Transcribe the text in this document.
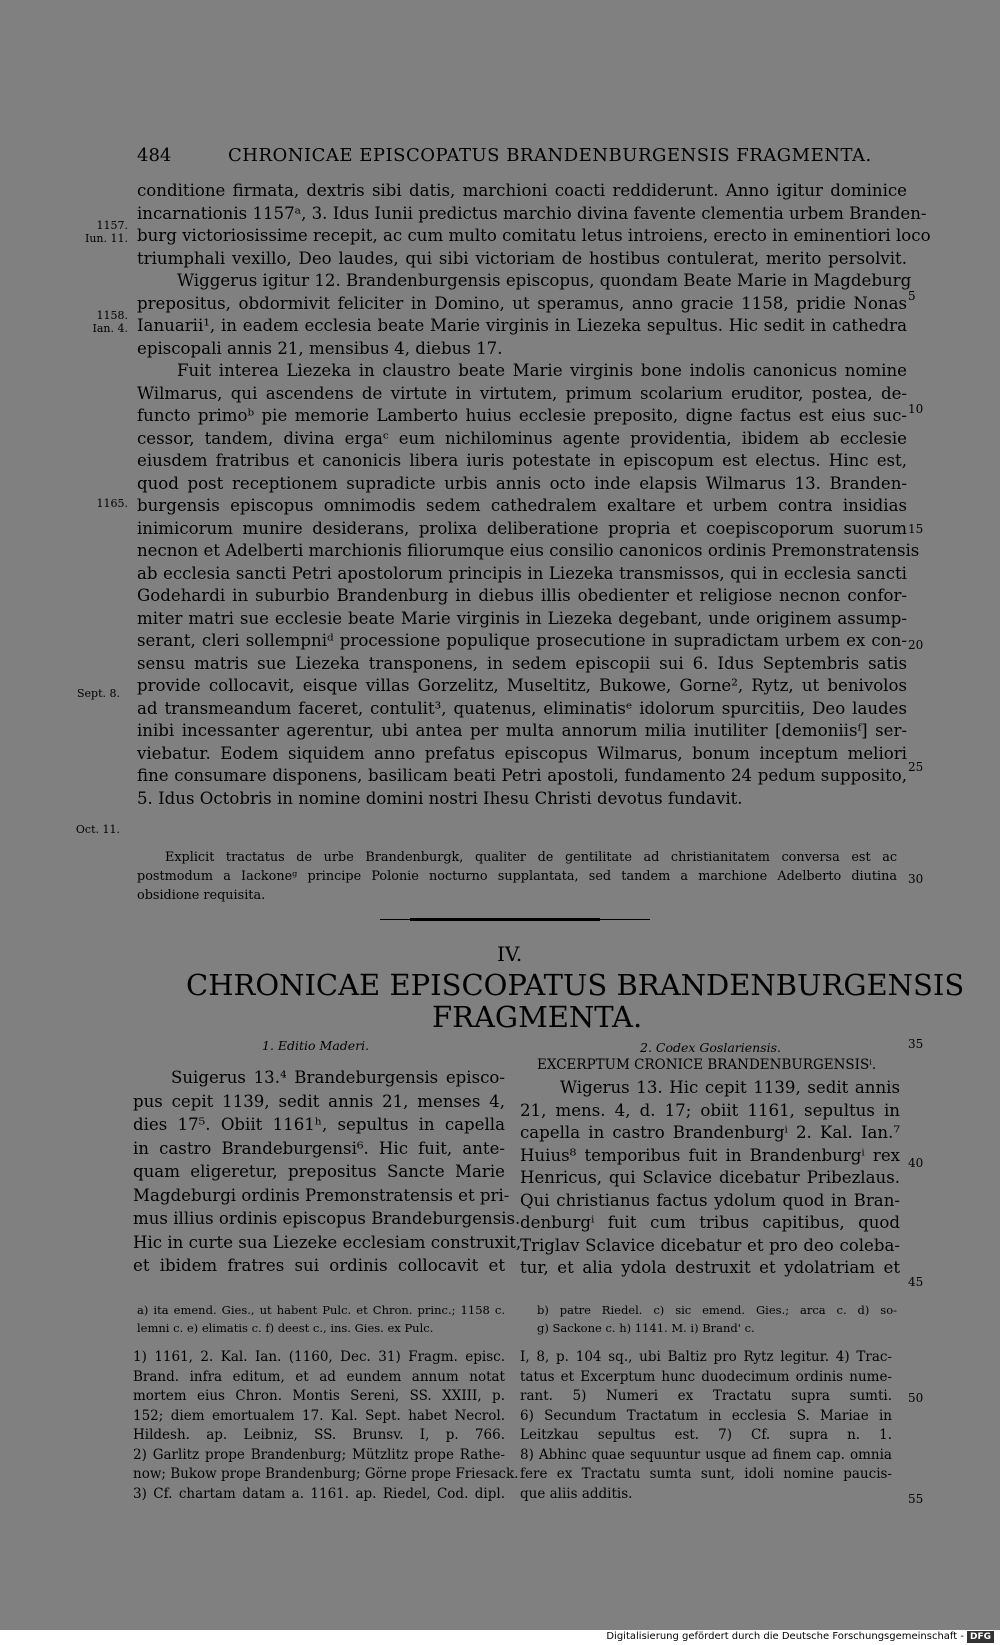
484	CHRONICAE EPISCOPATUS BRANDENBURGENSIS FRAGMENTA.
conditione firmata, dextris sibi datis, marchioni coacti reddiderunt. Anno igitur dominice
incarnationis 1157ᵃ, 3. Idus Iunii predictus marchio divina favente clementia urbem Branden-
burg victoriosissime recepit, ac cum multo comitatu letus introiens, erecto in eminentiori loco
triumphali vexillo, Deo laudes, qui sibi victoriam de hostibus contulerat, merito persolvit.
Wiggerus igitur 12. Brandenburgensis episcopus, quondam Beate Marie in Magdeburg
prepositus, obdormivit feliciter in Domino, ut speramus, anno gracie 1158, pridie Nonas
Ianuarii¹, in eadem ecclesia beate Marie virginis in Liezeka sepultus. Hic sedit in cathedra
episcopali annis 21, mensibus 4, diebus 17.
Fuit interea Liezeka in claustro beate Marie virginis bone indolis canonicus nomine
Wilmarus, qui ascendens de virtute in virtutem, primum scolarium eruditor, postea, de-
functo primoᵇ pie memorie Lamberto huius ecclesie preposito, digne factus est eius suc-
cessor, tandem, divina ergaᶜ eum nichilominus agente providentia, ibidem ab ecclesie
eiusdem fratribus et canonicis libera iuris potestate in episcopum est electus. Hinc est,
quod post receptionem supradicte urbis annis octo inde elapsis Wilmarus 13. Branden-
burgensis episcopus omnimodis sedem cathedralem exaltare et urbem contra insidias
inimicorum munire desiderans, prolixa deliberatione propria et coepiscoporum suorum
necnon et Adelberti marchionis filiorumque eius consilio canonicos ordinis Premonstratensis
ab ecclesia sancti Petri apostolorum principis in Liezeka transmissos, qui in ecclesia sancti
Godehardi in suburbio Brandenburg in diebus illis obedienter et religiose necnon confor-
miter matri sue ecclesie beate Marie virginis in Liezeka degebant, unde originem assump-
serant, cleri sollempniᵈ processione populique prosecutione in supradictam urbem ex con-
sensu matris sue Liezeka transponens, in sedem episcopii sui 6. Idus Septembris satis
provide collocavit, eisque villas Gorzelitz, Museltitz, Bukowe, Gorne², Rytz, ut benivolos
ad transmeandum faceret, contulit³, quatenus, eliminatisᵉ idolorum spurcitiis, Deo laudes
inibi incessanter agerentur, ubi antea per multa annorum milia inutiliter [demoniisᶠ] ser-
viebatur. Eodem siquidem anno prefatus episcopus Wilmarus, bonum inceptum meliori
fine consumare disponens, basilicam beati Petri apostoli, fundamento 24 pedum supposito,
5. Idus Octobris in nomine domini nostri Ihesu Christi devotus fundavit.
1157.
Iun. 11.
1158.
Ian. 4.
1165.
Sept. 8.
Oct. 11.
5
10
15
20
25
30
35
40
45
50
55
Explicit tractatus de urbe Brandenburgk, qualiter de gentilitate ad christianitatem conversa est ac
postmodum a Iackoneᵍ principe Polonie nocturno supplantata, sed tandem a marchione Adelberto diutina
obsidione requisita.
IV.
CHRONICAE EPISCOPATUS BRANDENBURGENSIS
FRAGMENTA.
1. Editio Maderi.	2. Codex Goslariensis.
EXCERPTUM CRONICE BRANDENBURGENSISⁱ.
Suigerus 13.⁴ Brandeburgensis episco-
pus cepit 1139, sedit annis 21, menses 4,
dies 17⁵. Obiit 1161ʰ, sepultus in capella
in castro Brandeburgensi⁶. Hic fuit, ante-
quam eligeretur, prepositus Sancte Marie
Magdeburgi ordinis Premonstratensis et pri-
mus illius ordinis episcopus Brandeburgensis.
Hic in curte sua Liezeke ecclesiam construxit,
et ibidem fratres sui ordinis collocavit et
Wigerus 13. Hic cepit 1139, sedit annis
21, mens. 4, d. 17; obiit 1161, sepultus in
capella in castro Brandenburgⁱ 2. Kal. Ian.⁷
Huius⁸ temporibus fuit in Brandenburgⁱ rex
Henricus, qui Sclavice dicebatur Pribezlaus.
Qui christianus factus ydolum quod in Bran-
denburgⁱ fuit cum tribus capitibus, quod
Triglav Sclavice dicebatur et pro deo coleba-
tur, et alia ydola destruxit et ydolatriam et
a) ita emend. Gies., ut habent Pulc. et Chron. princ.; 1158 c.
lemni c. e) elimatis c. f) deest c., ins. Gies. ex Pulc.
b) patre Riedel. c) sic emend. Gies.; arca c. d) so-
g) Sackone c. h) 1141. M. i) Brand' c.
1) 1161, 2. Kal. Ian. (1160, Dec. 31) Fragm. episc.
Brand. infra editum, et ad eundem annum notat
mortem eius Chron. Montis Sereni, SS. XXIII, p.
152; diem emortualem 17. Kal. Sept. habet Necrol.
Hildesh. ap. Leibniz, SS. Brunsv. I, p. 766.
2) Garlitz prope Brandenburg; Mützlitz prope Rathe-
now; Bukow prope Brandenburg; Görne prope Friesack.
3) Cf. chartam datam a. 1161. ap. Riedel, Cod. dipl.
I, 8, p. 104 sq., ubi Baltiz pro Rytz legitur. 4) Trac-
tatus et Excerptum hunc duodecimum ordinis nume-
rant. 5) Numeri ex Tractatu supra sumti.
6) Secundum Tractatum in ecclesia S. Mariae in
Leitzkau sepultus est. 7) Cf. supra n. 1.
8) Abhinc quae sequuntur usque ad finem cap. omnia
fere ex Tractatu sumta sunt, idoli nomine paucis-
que aliis additis.
Digitalisierung gefördert durch die Deutsche Forschungsgemeinschaft - DFG
